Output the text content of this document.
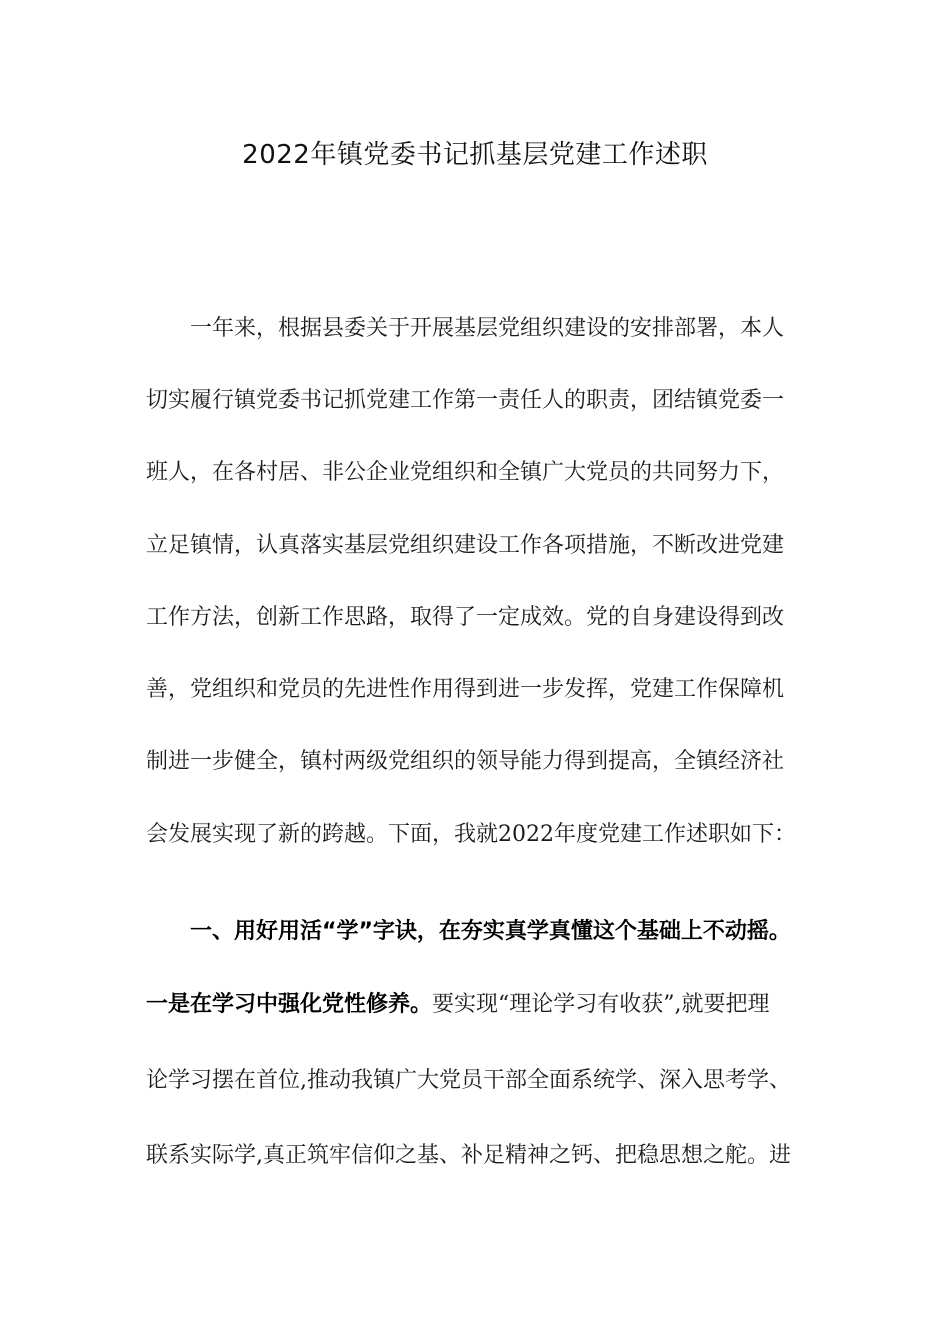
2022年镇党委书记抓基层党建工作述职
一年来，根据县委关于开展基层党组织建设的安排部署，本人
切实履行镇党委书记抓党建工作第一责任人的职责，团结镇党委一
班人，在各村居、非公企业党组织和全镇广大党员的共同努力下，
立足镇情，认真落实基层党组织建设工作各项措施，不断改进党建
工作方法，创新工作思路，取得了一定成效。党的自身建设得到改
善，党组织和党员的先进性作用得到进一步发挥，党建工作保障机
制进一步健全，镇村两级党组织的领导能力得到提高，全镇经济社
会发展实现了新的跨越。下面，我就2022年度党建工作述职如下：
一、用好用活“学”字诀，在夯实真学真懂这个基础上不动摇。
一是在学习中强化党性修养。要实现“理论学习有收获”,就要把理
论学习摆在首位,推动我镇广大党员干部全面系统学、深入思考学、
联系实际学,真正筑牢信仰之基、补足精神之钙、把稳思想之舵。进
